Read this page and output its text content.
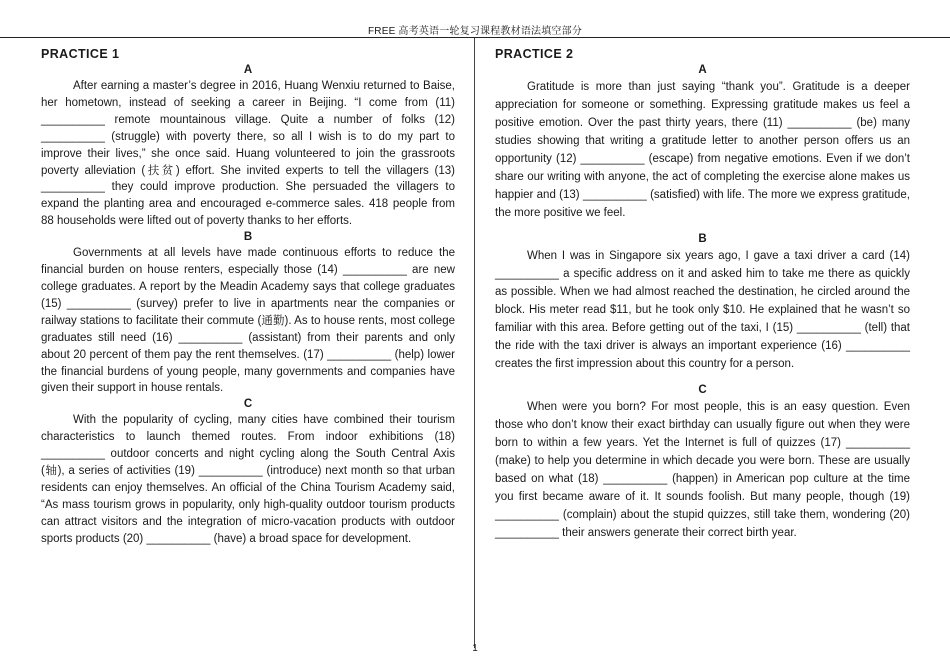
FREE 高考英语一轮复习课程教材语法填空部分
PRACTICE 1
A

After earning a master’s degree in 2016, Huang Wenxiu returned to Baise, her hometown, instead of seeking a career in Beijing. “I come from (11) __________ remote mountainous village. Quite a number of folks (12) __________ (struggle) with poverty there, so all I wish is to do my part to improve their lives,” she once said. Huang volunteered to join the grassroots poverty alleviation (扶贫) effort. She invited experts to tell the villagers (13) __________ they could improve production. She persuaded the villagers to expand the planting area and encouraged e-commerce sales. 418 people from 88 households were lifted out of poverty thanks to her efforts.

B

Governments at all levels have made continuous efforts to reduce the financial burden on house renters, especially those (14) __________ are new college graduates. A report by the Meadin Academy says that college graduates (15) __________ (survey) prefer to live in apartments near the companies or railway stations to facilitate their commute (通勤). As to house rents, most college graduates still need (16) __________ (assistant) from their parents and only about 20 percent of them pay the rent themselves. (17) __________ (help) lower the financial burdens of young people, many governments and companies have given their support in house rentals.

C

With the popularity of cycling, many cities have combined their tourism characteristics to launch themed routes. From indoor exhibitions (18) __________ outdoor concerts and night cycling along the South Central Axis (轴), a series of activities (19) __________ (introduce) next month so that urban residents can enjoy themselves. An official of the China Tourism Academy said, “As mass tourism grows in popularity, only high-quality outdoor tourism products can attract visitors and the integration of micro-vacation products with outdoor sports products (20) __________ (have) a broad space for development.

PRACTICE 2
A

Gratitude is more than just saying “thank you”. Gratitude is a deeper appreciation for someone or something. Expressing gratitude makes us feel a positive emotion. Over the past thirty years, there (11) __________ (be) many studies showing that writing a gratitude letter to another person offers us an opportunity (12) __________ (escape) from negative emotions. Even if we don’t share our writing with anyone, the act of completing the exercise alone makes us happier and (13) __________ (satisfied) with life. The more we express gratitude, the more positive we feel.

B

When I was in Singapore six years ago, I gave a taxi driver a card (14) __________ a specific address on it and asked him to take me there as quickly as possible. When we had almost reached the destination, he circled around the block. His meter read $11, but he took only $10. He explained that he wasn’t so familiar with this area. Before getting out of the taxi, I (15) __________ (tell) that the ride with the taxi driver is always an important experience (16) __________ creates the first impression about this country for a person.

C

When were you born? For most people, this is an easy question. Even those who don’t know their exact birthday can usually figure out when they were born to within a few years. Yet the Internet is full of quizzes (17) __________ (make) to help you determine in which decade you were born. These are usually based on what (18) __________ (happen) in American pop culture at the time you first became aware of it. It sounds foolish. But many people, though (19) __________ (complain) about the stupid quizzes, still take them, wondering (20) __________ their answers generate their correct birth year.

1
